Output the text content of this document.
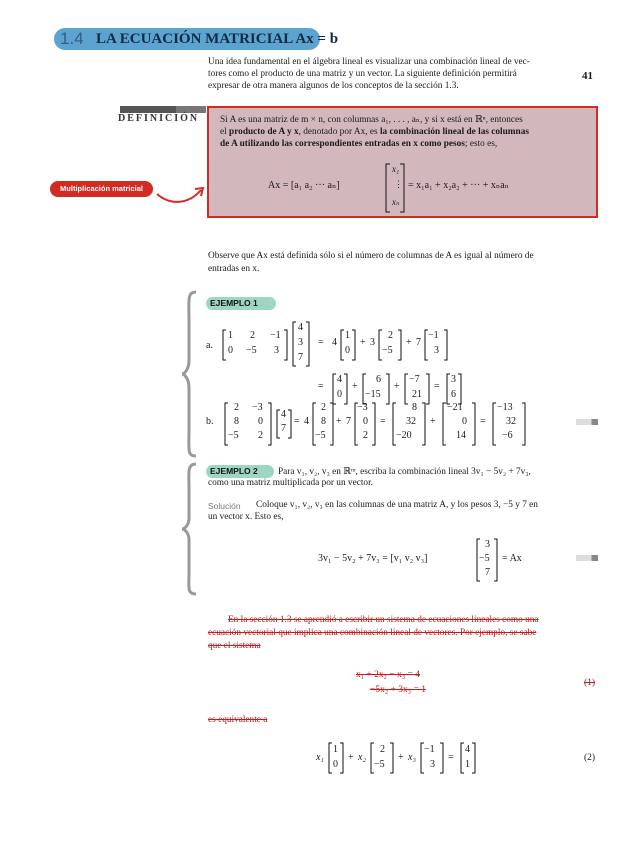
1.4 LA ECUACIÓN MATRICIAL Ax = b
41

Una idea fundamental en el álgebra lineal es visualizar una combinación lineal de vec-

tores como el producto de una matriz y un vector. La siguiente definición permitirá

expresar de otra manera algunos de los conceptos de la sección 1.3.

DEFINICIÓN Si A es una matriz de m × n, con columnas a₁, . . . , aₙ, y si x está en ℝⁿ, entonces

el producto de A y x, denotado por Ax, es la combinación lineal de las columnas

de A utilizando las correspondientes entradas en x como pesos; esto es,

Ax = [a₁ a₂ ··· aₙ]
x₁
⋮
xₙ
= x₁a₁ + x₂a₂ + ··· + xₙaₙ
Multiplicación matricial

Observe que Ax está definida sólo si el número de columnas de A es igual al número de

entradas en x.

EJEMPLO 1
a.
1 2 −1
0 −5 3
4
3
7
= 4
1
0
+ 3
2
−5
+ 7
−1
3
=
4
0
+
6
−15
+
−7
21
=
3
6
b.
2 −3
8 0
−5 2
4
7
= 4
2
8
−5
+ 7
−3
0
2
=
8
32
−20
+
−21
0
14
=
−13
32
−6
EJEMPLO 2	Para v₁, v₂, v₃ en ℝᵐ, escriba la combinación lineal 3v₁ − 5v₂ + 7v₃,
como una matriz multiplicada por un vector.
Solución Coloque v₁, v₂, v₃ en las columnas de una matriz A, y los pesos 3, −5 y 7 en
un vector x. Esto es,
3v₁ − 5v₂ + 7v₃ = [v₁ v₂ v₃]
3
−5
7
= Ax

En la sección 1.3 se aprendió a escribir un sistema de ecuaciones lineales como una

ecuación vectorial que implica una combinación lineal de vectores. Por ejemplo, se sabe

que el sistema

x₁ + 2x₂ − x₃ = 4
−5x₂ + 3x₃ = 1
(1)
es equivalente a
x₁
1
0
+ x₂
2
−5
+ x₃
−1
3
=
4
1
(2)
